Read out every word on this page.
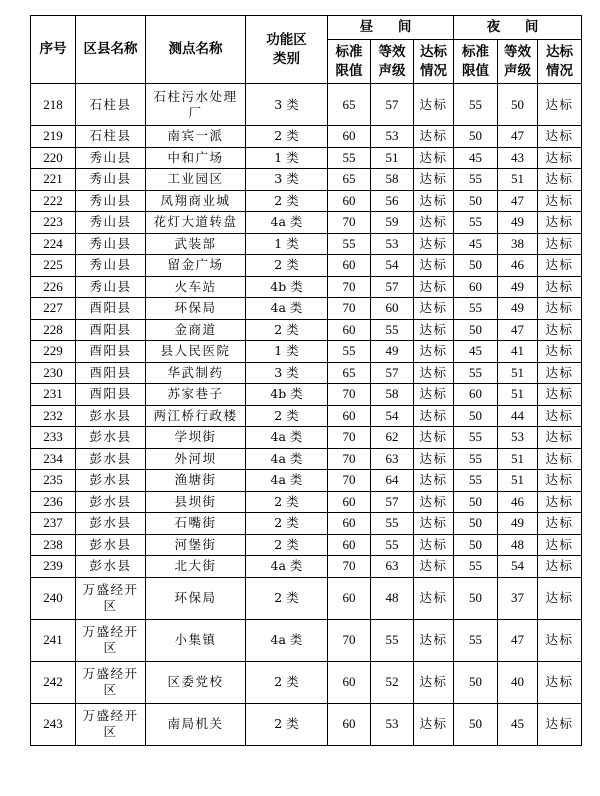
序号	区县名称	测点名称	功能区类别	昼 间			夜 间		
				标准限值	等效声级	达标情况	标准限值	等效声级	达标情况
218	石柱县	石柱污水处理厂	3 类	65	57	达标	55	50	达标
219	石柱县	南宾一派	2 类	60	53	达标	50	47	达标
220	秀山县	中和广场	1 类	55	51	达标	45	43	达标
221	秀山县	工业园区	3 类	65	58	达标	55	51	达标
222	秀山县	凤翔商业城	2 类	60	56	达标	50	47	达标
223	秀山县	花灯大道转盘	4a 类	70	59	达标	55	49	达标
224	秀山县	武装部	1 类	55	53	达标	45	38	达标
225	秀山县	留金广场	2 类	60	54	达标	50	46	达标
226	秀山县	火车站	4b 类	70	57	达标	60	49	达标
227	酉阳县	环保局	4a 类	70	60	达标	55	49	达标
228	酉阳县	金商道	2 类	60	55	达标	50	47	达标
229	酉阳县	县人民医院	1 类	55	49	达标	45	41	达标
230	酉阳县	华武制药	3 类	65	57	达标	55	51	达标
231	酉阳县	苏家巷子	4b 类	70	58	达标	60	51	达标
232	彭水县	两江桥行政楼	2 类	60	54	达标	50	44	达标
233	彭水县	学坝街	4a 类	70	62	达标	55	53	达标
234	彭水县	外河坝	4a 类	70	63	达标	55	51	达标
235	彭水县	渔塘街	4a 类	70	64	达标	55	51	达标
236	彭水县	县坝街	2 类	60	57	达标	50	46	达标
237	彭水县	石嘴街	2 类	60	55	达标	50	49	达标
238	彭水县	河堡街	2 类	60	55	达标	50	48	达标
239	彭水县	北大街	4a 类	70	63	达标	55	54	达标
240	万盛经开区	环保局	2 类	60	48	达标	50	37	达标
241	万盛经开区	小集镇	4a 类	70	55	达标	55	47	达标
242	万盛经开区	区委党校	2 类	60	52	达标	50	40	达标
243	万盛经开区	南局机关	2 类	60	53	达标	50	45	达标
